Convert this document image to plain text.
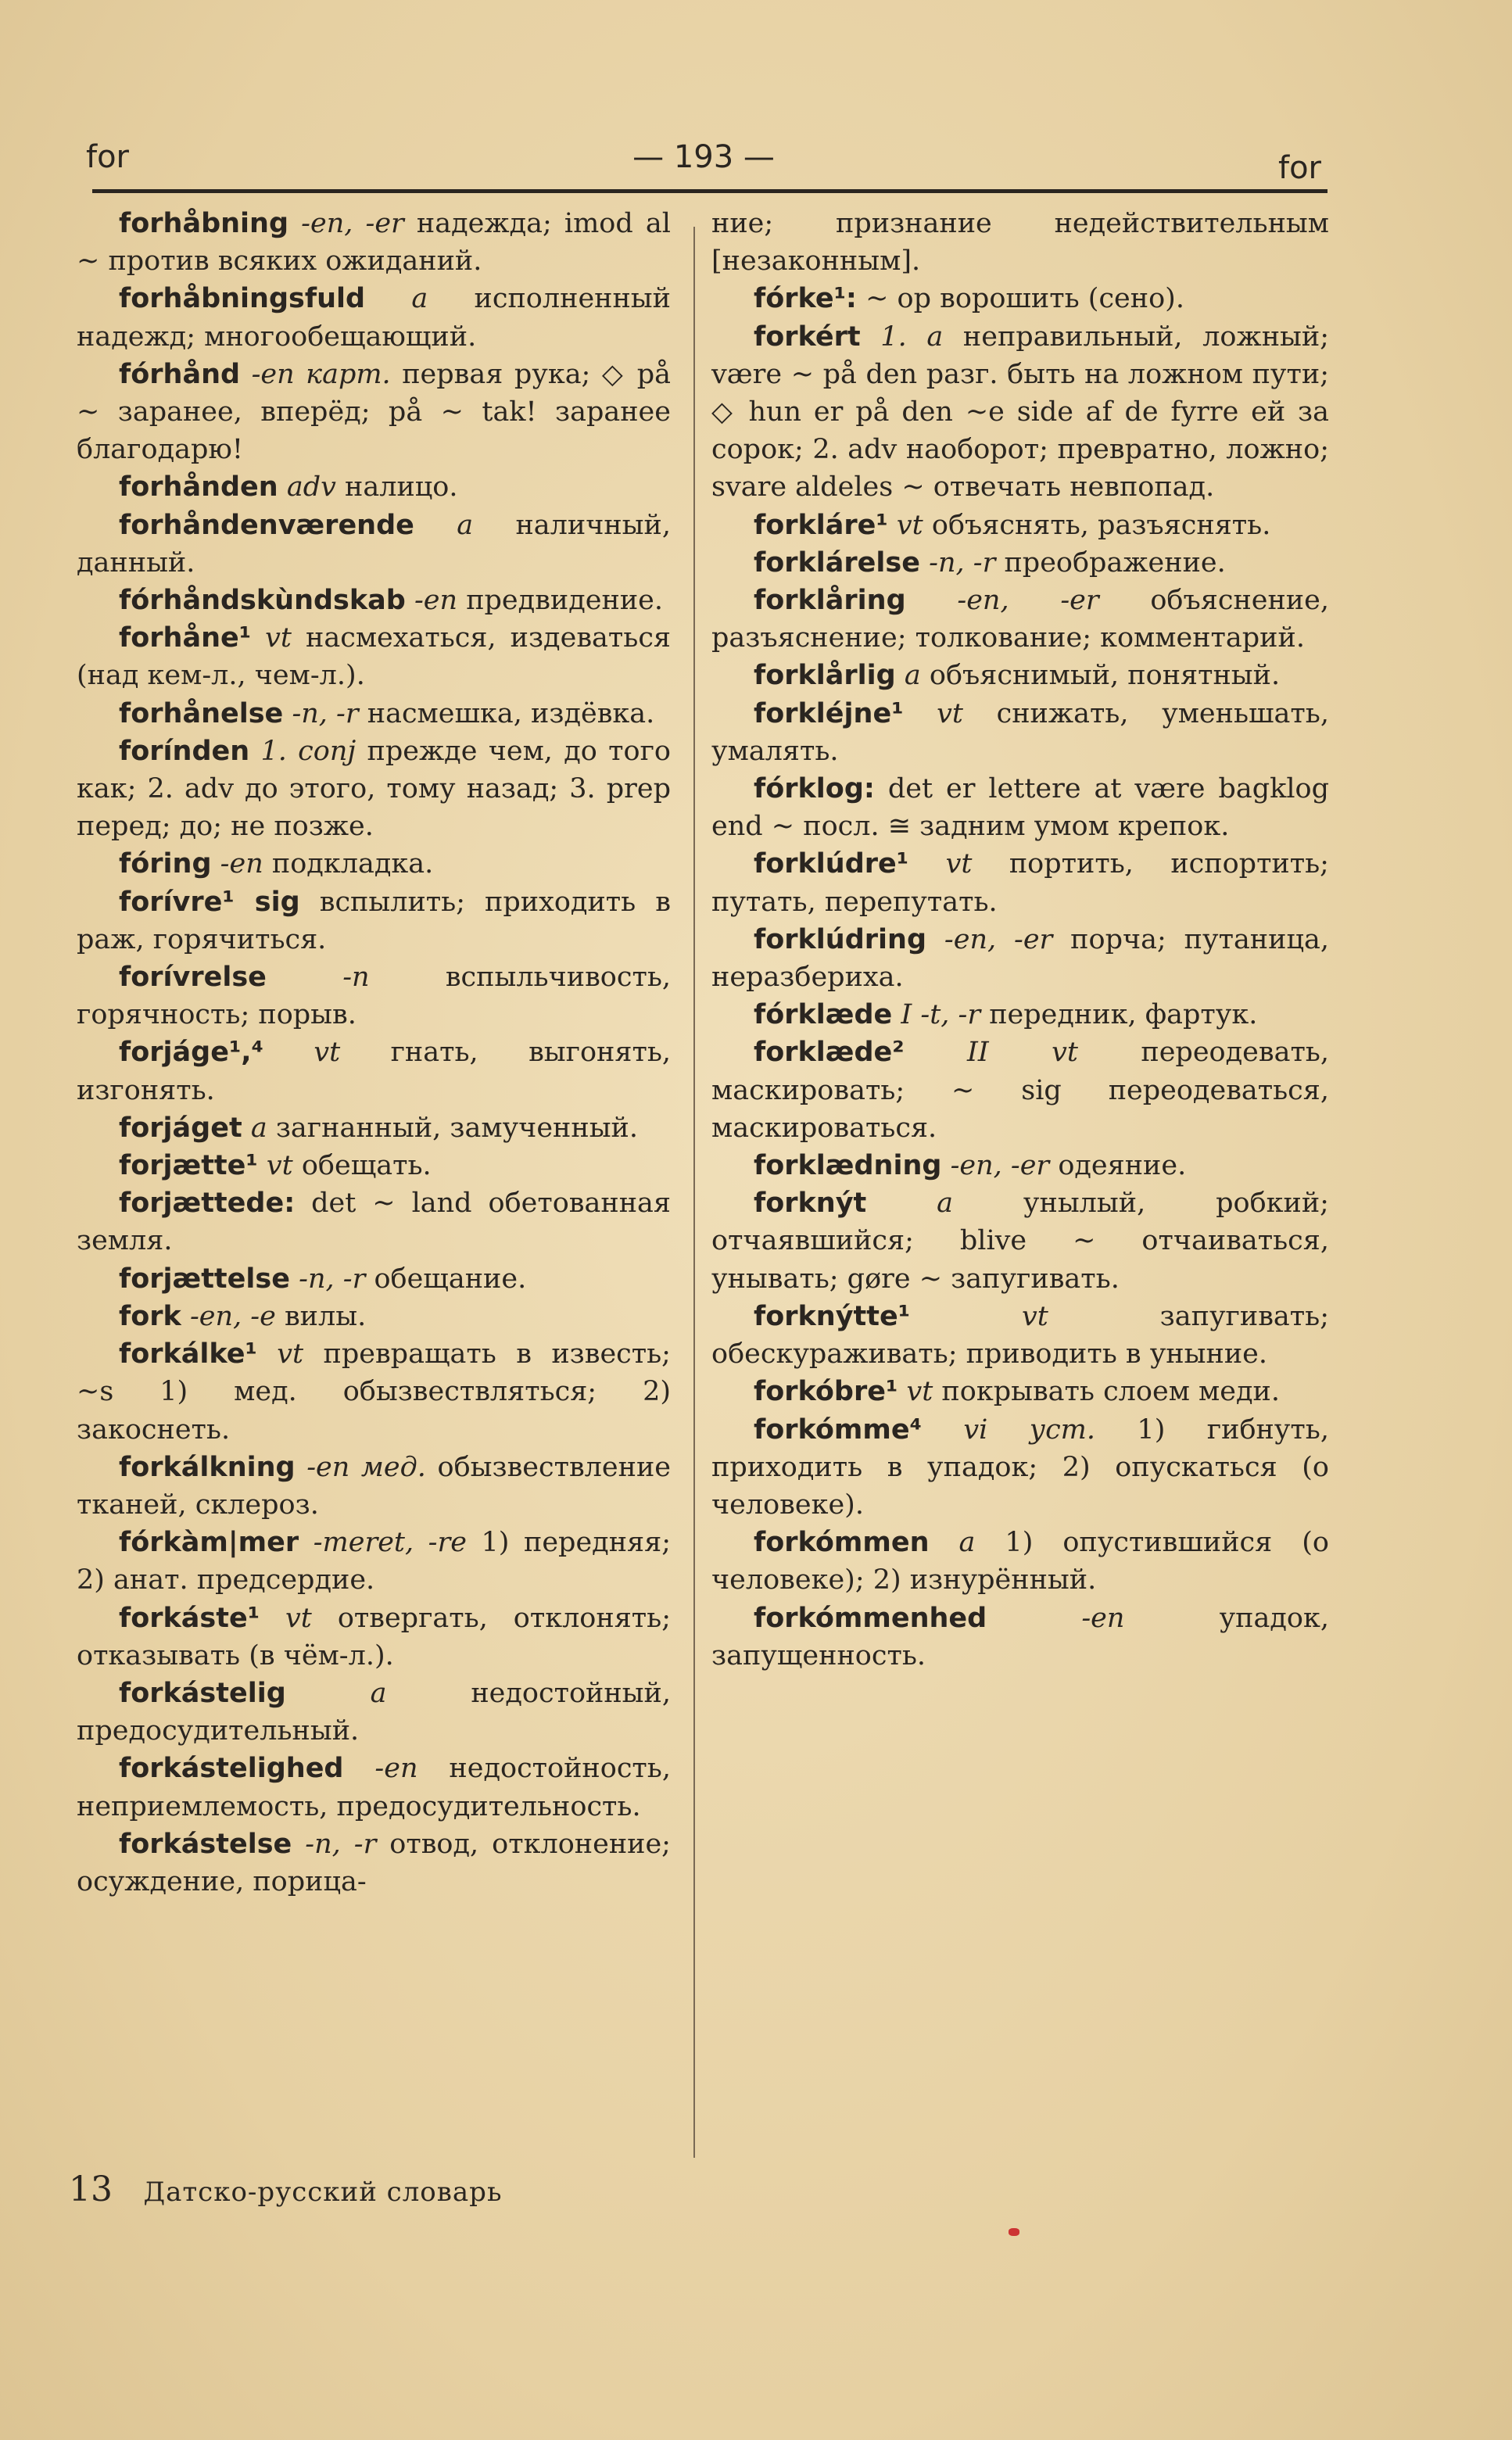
for	— 193 —	for

forhåbning -en, -er надежда; imod al ~ против всяких ожиданий.

forhåbningsfuld a исполненный надежд; многообещающий.

fórhånd -en карт. первая рука; ◇ på ~ заранее, вперёд; på ~ tak! заранее благодарю!

forhånden adv налицо.

forhåndenværende a наличный, данный.

fórhåndskùndskab -en предвидение.

forhåne¹ vt насмехаться, издеваться (над кем-л., чем-л.).

forhånelse -n, -r насмешка, издёвка.

forínden 1. conj прежде чем, до того как; 2. adv до этого, тому назад; 3. prep перед; до; не позже.

fóring -en подкладка.

forívre¹ sig вспылить; приходить в раж, горячиться.

forívrelse	-n	вспыльчивость, горячность; порыв.

forjáge¹,⁴ vt гнать, выгонять, изгонять.

forjáget a загнанный, замученный.

forjætte¹ vt обещать.

forjættede: det ~ land обетованная земля.

forjættelse -n, -r обещание.

fork -en, -e вилы.

forkálke¹ vt превращать в известь; ~s 1) мед. обызвествляться; 2) закоснеть.

forkálkning -en мед. обызвествление тканей, склероз.

fórkàm|mer -meret, -re 1) передняя; 2) анат. предсердие.

forkáste¹ vt отвергать, отклонять; отказывать (в чём-л.).

forkástelig	a	недостойный, предосудительный.

forkástelighed -en недостойность, неприемлемость, предосудительность.

forkástelse -n, -r отвод, отклонение; осуждение, порица-

ние; признание недействительным [незаконным].

fórke¹: ~ op ворошить (сено).

forkért 1. a неправильный, ложный; være ~ på den разг. быть на ложном пути; ◇ hun er på den ~e side af de fyrre ей за сорок; 2. adv наоборот; превратно, ложно; svare aldeles ~ отвечать невпопад.

forkláre¹ vt объяснять, разъяснять.

forklárelse -n, -r преображение.

forklåring -en, -er объяснение, разъяснение; толкование; комментарий.

forklårlig a объяснимый, понятный.

forkléjne¹ vt снижать, уменьшать, умалять.

fórklog: det er lettere at være bagklog end ~ посл. ≅ задним умом крепок.

forklúdre¹ vt портить, испортить; путать, перепутать.

forklúdring -en, -er порча; путаница, неразбериха.

fórklæde I -t, -r передник, фартук.

forklæde² II vt переодевать, маскировать; ~ sig переодеваться, маскироваться.

forklædning -en, -er одеяние.

forknýt	a	унылый, робкий; отчаявшийся; blive ~ отчаиваться, унывать; gøre ~ запугивать.

forknýtte¹	vt	запугивать; обескураживать; приводить в уныние.

forkóbre¹ vt покрывать слоем меди.

forkómme⁴ vi уст. 1) гибнуть, приходить в упадок; 2) опускаться (о человеке).

forkómmen a 1) опустившийся (о человеке); 2) изнурённый.

forkómmenhed	-en	упадок, запущенность.

13 Датско-русский словарь
